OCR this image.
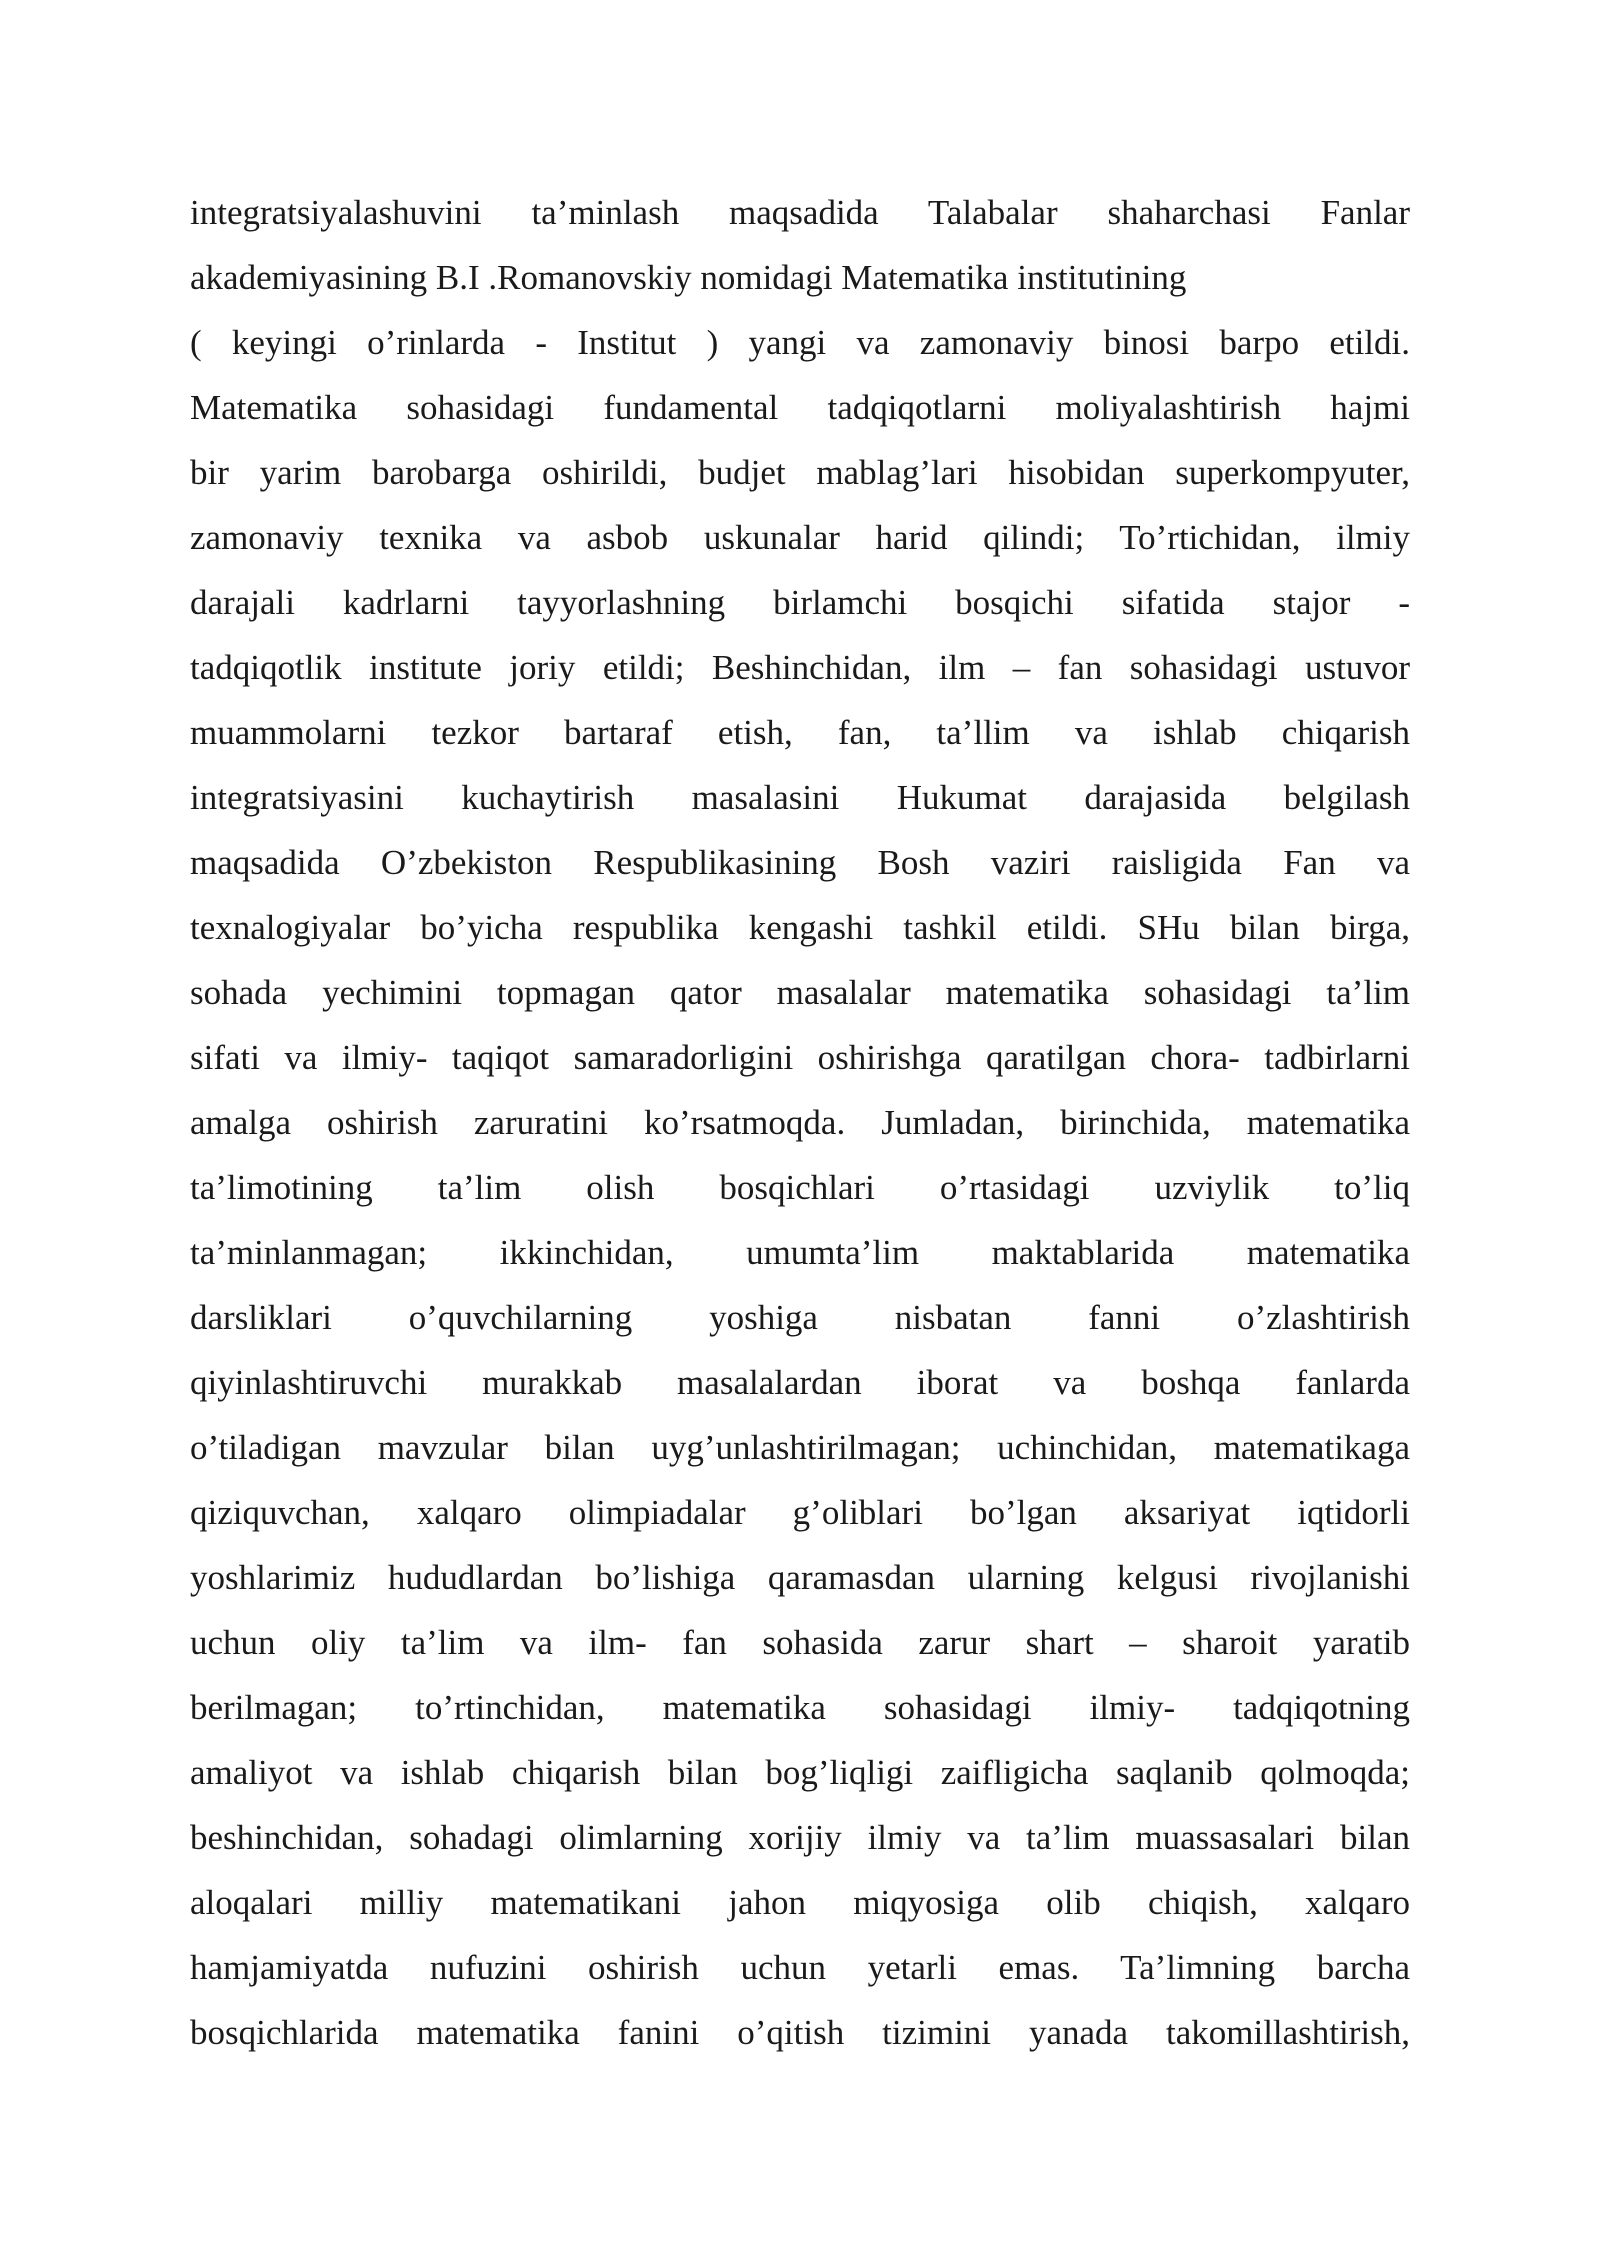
integratsiyalashuvini ta’minlash maqsadida Talabalar shaharchasi Fanlar
akademiyasining B.I .Romanovskiy nomidagi Matematika institutining
( keyingi o’rinlarda - Institut ) yangi va zamonaviy binosi barpo etildi.
Matematika sohasidagi fundamental tadqiqotlarni moliyalashtirish hajmi
bir yarim barobarga oshirildi, budjet mablag’lari hisobidan superkompyuter,
zamonaviy texnika va asbob uskunalar harid qilindi; To’rtichidan, ilmiy
darajali kadrlarni tayyorlashning birlamchi bosqichi sifatida stajor -
tadqiqotlik institute joriy etildi; Beshinchidan, ilm – fan sohasidagi ustuvor
muammolarni tezkor bartaraf etish, fan, ta’llim va ishlab chiqarish
integratsiyasini kuchaytirish masalasini Hukumat darajasida belgilash
maqsadida O’zbekiston Respublikasining Bosh vaziri raisligida Fan va
texnalogiyalar bo’yicha respublika kengashi tashkil etildi. SHu bilan birga,
sohada yechimini topmagan qator masalalar matematika sohasidagi ta’lim
sifati va ilmiy- taqiqot samaradorligini oshirishga qaratilgan chora- tadbirlarni
amalga oshirish zaruratini ko’rsatmoqda. Jumladan, birinchida, matematika
ta’limotining ta’lim olish bosqichlari o’rtasidagi uzviylik to’liq
ta’minlanmagan; ikkinchidan, umumta’lim maktablarida matematika
darsliklari o’quvchilarning yoshiga nisbatan fanni o’zlashtirish
qiyinlashtiruvchi murakkab masalalardan iborat va boshqa fanlarda
o’tiladigan mavzular bilan uyg’unlashtirilmagan; uchinchidan, matematikaga
qiziquvchan, xalqaro olimpiadalar g’oliblari bo’lgan aksariyat iqtidorli
yoshlarimiz hududlardan bo’lishiga qaramasdan ularning kelgusi rivojlanishi
uchun oliy ta’lim va ilm- fan sohasida zarur shart – sharoit yaratib
berilmagan; to’rtinchidan, matematika sohasidagi ilmiy- tadqiqotning
amaliyot va ishlab chiqarish bilan bog’liqligi zaifligicha saqlanib qolmoqda;
beshinchidan, sohadagi olimlarning xorijiy ilmiy va ta’lim muassasalari bilan
aloqalari milliy matematikani jahon miqyosiga olib chiqish, xalqaro
hamjamiyatda nufuzini oshirish uchun yetarli emas. Ta’limning barcha
bosqichlarida matematika fanini o’qitish tizimini yanada takomillashtirish,
